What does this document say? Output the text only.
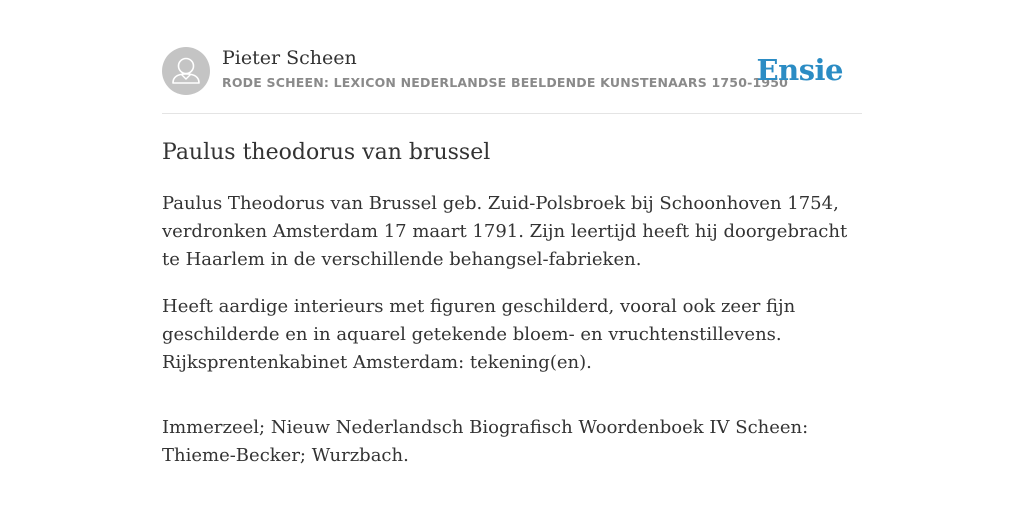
Pieter Scheen
RODE SCHEEN: LEXICON NEDERLANDSE BEELDENDE KUNSTENAARS 1750-1950
Ensie
Paulus theodorus van brussel

Paulus Theodorus van Brussel geb. Zuid-Polsbroek bij Schoonhoven 1754, verdronken Amsterdam 17 maart 1791. Zijn leertijd heeft hij doorgebracht te Haarlem in de verschillende behangsel-fabrieken.

Heeft aardige interieurs met figuren geschilderd, vooral ook zeer fijn geschilderde en in aquarel getekende bloem- en vruchtenstillevens. Rijksprentenkabinet Amsterdam: tekening(en).

Immerzeel; Nieuw Nederlandsch Biografisch Woordenboek IV Scheen: Thieme-Becker; Wurzbach.
